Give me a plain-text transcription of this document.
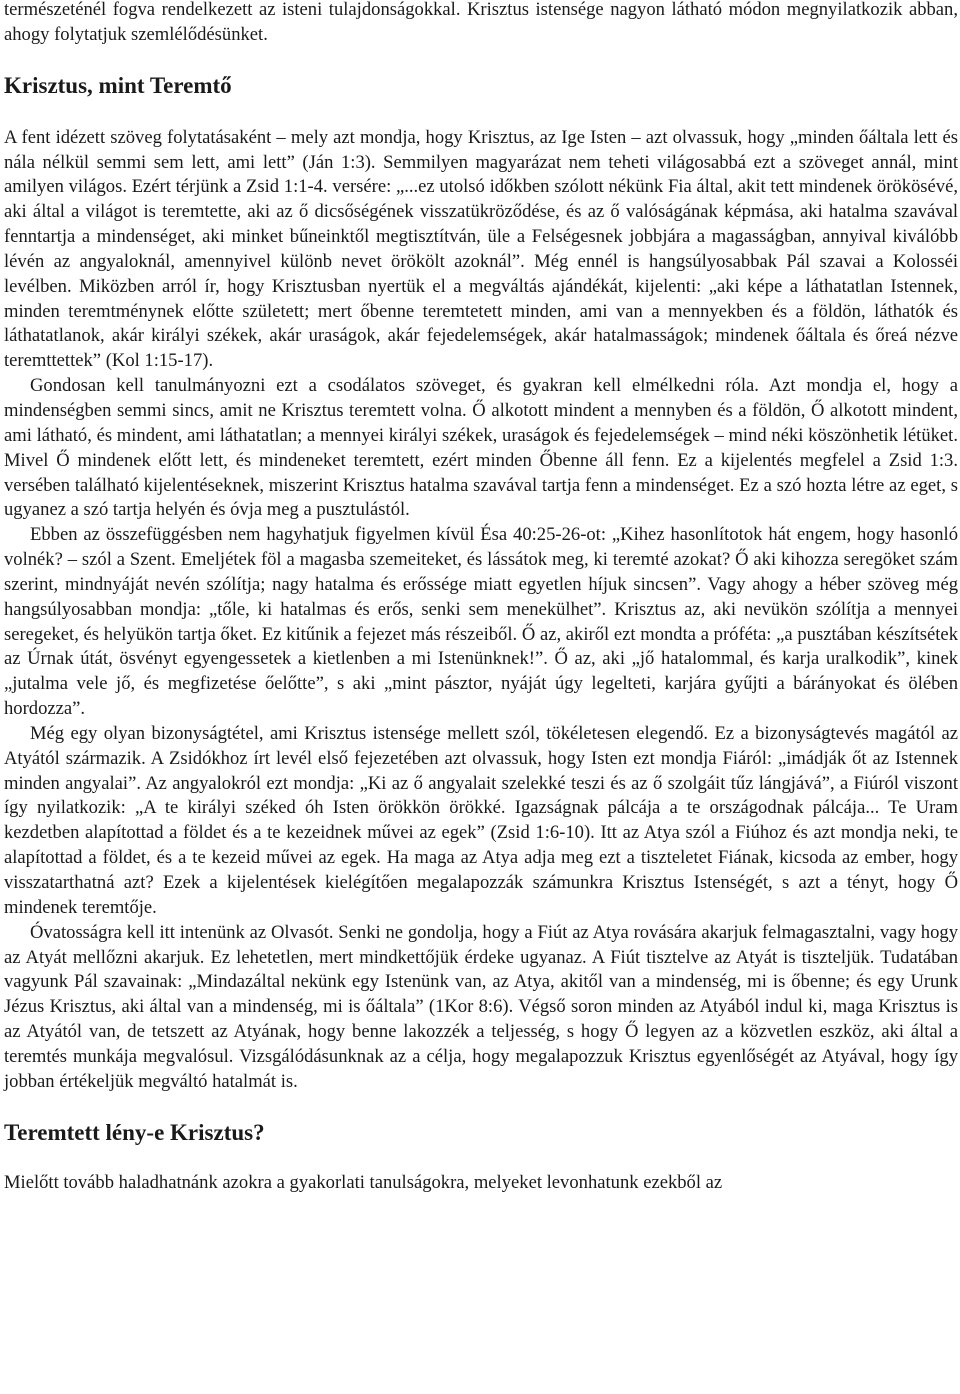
természeténél fogva rendelkezett az isteni tulajdonságokkal. Krisztus istensége nagyon látható módon megnyilatkozik abban, ahogy folytatjuk szemlélődésünket.

Krisztus, mint Teremtő

A fent idézett szöveg folytatásaként – mely azt mondja, hogy Krisztus, az Ige Isten – azt olvassuk, hogy „minden őáltala lett és nála nélkül semmi sem lett, ami lett” (Ján 1:3). Semmilyen magyarázat nem teheti világosabbá ezt a szöveget annál, mint amilyen világos. Ezért térjünk a Zsid 1:1-4. versére: „...ez utolsó időkben szólott nékünk Fia által, akit tett mindenek örökösévé, aki által a világot is teremtette, aki az ő dicsőségének visszatükröződése, és az ő valóságának képmása, aki hatalma szavával fenntartja a mindenséget, aki minket bűneinktől megtisztítván, üle a Felségesnek jobbjára a magasságban, annyival kiválóbb lévén az angyaloknál, amennyivel különb nevet örökölt azoknál”. Még ennél is hangsúlyosabbak Pál szavai a Kolosséi levélben. Miközben arról ír, hogy Krisztusban nyertük el a megváltás ajándékát, kijelenti: „aki képe a láthatatlan Istennek, minden teremtménynek előtte született; mert őbenne teremtetett minden, ami van a mennyekben és a földön, láthatók és láthatatlanok, akár királyi székek, akár uraságok, akár fejedelemségek, akár hatalmasságok; mindenek őáltala és őreá nézve teremttettek” (Kol 1:15-17).

Gondosan kell tanulmányozni ezt a csodálatos szöveget, és gyakran kell elmélkedni róla. Azt mondja el, hogy a mindenségben semmi sincs, amit ne Krisztus teremtett volna. Ő alkotott mindent a mennyben és a földön, Ő alkotott mindent, ami látható, és mindent, ami láthatatlan; a mennyei királyi székek, uraságok és fejedelemségek – mind néki köszönhetik létüket. Mivel Ő mindenek előtt lett, és mindeneket teremtett, ezért minden Őbenne áll fenn. Ez a kijelentés megfelel a Zsid 1:3. versében található kijelentéseknek, miszerint Krisztus hatalma szavával tartja fenn a mindenséget. Ez a szó hozta létre az eget, s ugyanez a szó tartja helyén és óvja meg a pusztulástól.

Ebben az összefüggésben nem hagyhatjuk figyelmen kívül Ésa 40:25-26-ot: „Kihez hasonlítotok hát engem, hogy hasonló volnék? – szól a Szent. Emeljétek föl a magasba szemeiteket, és lássátok meg, ki teremté azokat? Ő aki kihozza seregöket szám szerint, mindnyáját nevén szólítja; nagy hatalma és erőssége miatt egyetlen híjuk sincsen”. Vagy ahogy a héber szöveg még hangsúlyosabban mondja: „tőle, ki hatalmas és erős, senki sem menekülhet”. Krisztus az, aki nevükön szólítja a mennyei seregeket, és helyükön tartja őket. Ez kitűnik a fejezet más részeiből. Ő az, akiről ezt mondta a próféta: „a pusztában készítsétek az Úrnak útát, ösvényt egyengessetek a kietlenben a mi Istenünknek!”. Ő az, aki „jő hatalommal, és karja uralkodik”, kinek „jutalma vele jő, és megfizetése őelőtte”, s aki „mint pásztor, nyáját úgy legelteti, karjára gyűjti a bárányokat és ölében hordozza”.

Még egy olyan bizonyságtétel, ami Krisztus istensége mellett szól, tökéletesen elegendő. Ez a bizonyságtevés magától az Atyától származik. A Zsidókhoz írt levél első fejezetében azt olvassuk, hogy Isten ezt mondja Fiáról: „imádják őt az Istennek minden angyalai”. Az angyalokról ezt mondja: „Ki az ő angyalait szelekké teszi és az ő szolgáit tűz lángjává”, a Fiúról viszont így nyilatkozik: „A te királyi széked óh Isten örökkön örökké. Igazságnak pálcája a te országodnak pálcája... Te Uram kezdetben alapítottad a földet és a te kezeidnek művei az egek” (Zsid 1:6-10). Itt az Atya szól a Fiúhoz és azt mondja neki, te alapítottad a földet, és a te kezeid művei az egek. Ha maga az Atya adja meg ezt a tiszteletet Fiának, kicsoda az ember, hogy visszatarthatná azt? Ezek a kijelentések kielégítően megalapozzák számunkra Krisztus Istenségét, s azt a tényt, hogy Ő mindenek teremtője.

Óvatosságra kell itt intenünk az Olvasót. Senki ne gondolja, hogy a Fiút az Atya rovására akarjuk felmagasztalni, vagy hogy az Atyát mellőzni akarjuk. Ez lehetetlen, mert mindkettőjük érdeke ugyanaz. A Fiút tisztelve az Atyát is tiszteljük. Tudatában vagyunk Pál szavainak: „Mindazáltal nekünk egy Istenünk van, az Atya, akitől van a mindenség, mi is őbenne; és egy Urunk Jézus Krisztus, aki által van a mindenség, mi is őáltala” (1Kor 8:6). Végső soron minden az Atyából indul ki, maga Krisztus is az Atyától van, de tetszett az Atyának, hogy benne lakozzék a teljesség, s hogy Ő legyen az a közvetlen eszköz, aki által a teremtés munkája megvalósul. Vizsgálódásunknak az a célja, hogy megalapozzuk Krisztus egyenlőségét az Atyával, hogy így jobban értékeljük megváltó hatalmát is.

Teremtett lény-e Krisztus?

Mielőtt tovább haladhatnánk azokra a gyakorlati tanulságokra, melyeket levonhatunk ezekből az
